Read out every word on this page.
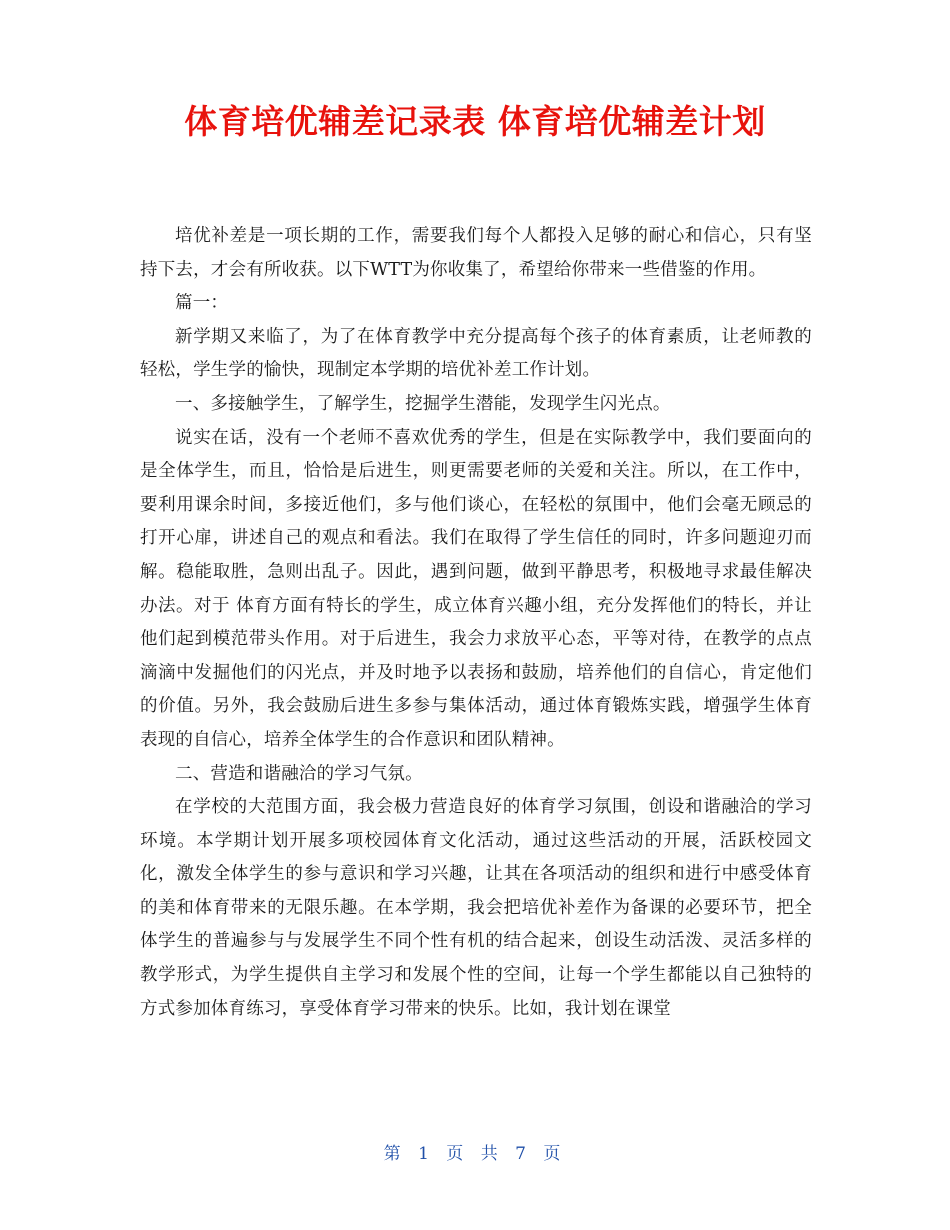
体育培优辅差记录表 体育培优辅差计划

培优补差是一项长期的工作，需要我们每个人都投入足够的耐心和信心，只有坚持下去，才会有所收获。以下WTT为你收集了，希望给你带来一些借鉴的作用。

篇一：

新学期又来临了，为了在体育教学中充分提高每个孩子的体育素质，让老师教的轻松，学生学的愉快，现制定本学期的培优补差工作计划。

一、多接触学生，了解学生，挖掘学生潜能，发现学生闪光点。

说实在话，没有一个老师不喜欢优秀的学生，但是在实际教学中，我们要面向的是全体学生，而且，恰恰是后进生，则更需要老师的关爱和关注。所以，在工作中，要利用课余时间，多接近他们，多与他们谈心，在轻松的氛围中，他们会毫无顾忌的打开心扉，讲述自己的观点和看法。我们在取得了学生信任的同时，许多问题迎刃而解。稳能取胜，急则出乱子。因此，遇到问题，做到平静思考，积极地寻求最佳解决办法。对于 体育方面有特长的学生，成立体育兴趣小组，充分发挥他们的特长，并让他们起到模范带头作用。对于后进生，我会力求放平心态，平等对待，在教学的点点滴滴中发掘他们的闪光点，并及时地予以表扬和鼓励，培养他们的自信心，肯定他们的价值。另外，我会鼓励后进生多参与集体活动，通过体育锻炼实践，增强学生体育表现的自信心，培养全体学生的合作意识和团队精神。

二、营造和谐融洽的学习气氛。

在学校的大范围方面，我会极力营造良好的体育学习氛围，创设和谐融洽的学习环境。本学期计划开展多项校园体育文化活动，通过这些活动的开展，活跃校园文化，激发全体学生的参与意识和学习兴趣，让其在各项活动的组织和进行中感受体育的美和体育带来的无限乐趣。在本学期，我会把培优补差作为备课的必要环节，把全体学生的普遍参与与发展学生不同个性有机的结合起来，创设生动活泼、灵活多样的教学形式，为学生提供自主学习和发展个性的空间，让每一个学生都能以自己独特的方式参加体育练习，享受体育学习带来的快乐。比如，我计划在课堂

第 1 页 共 7 页
